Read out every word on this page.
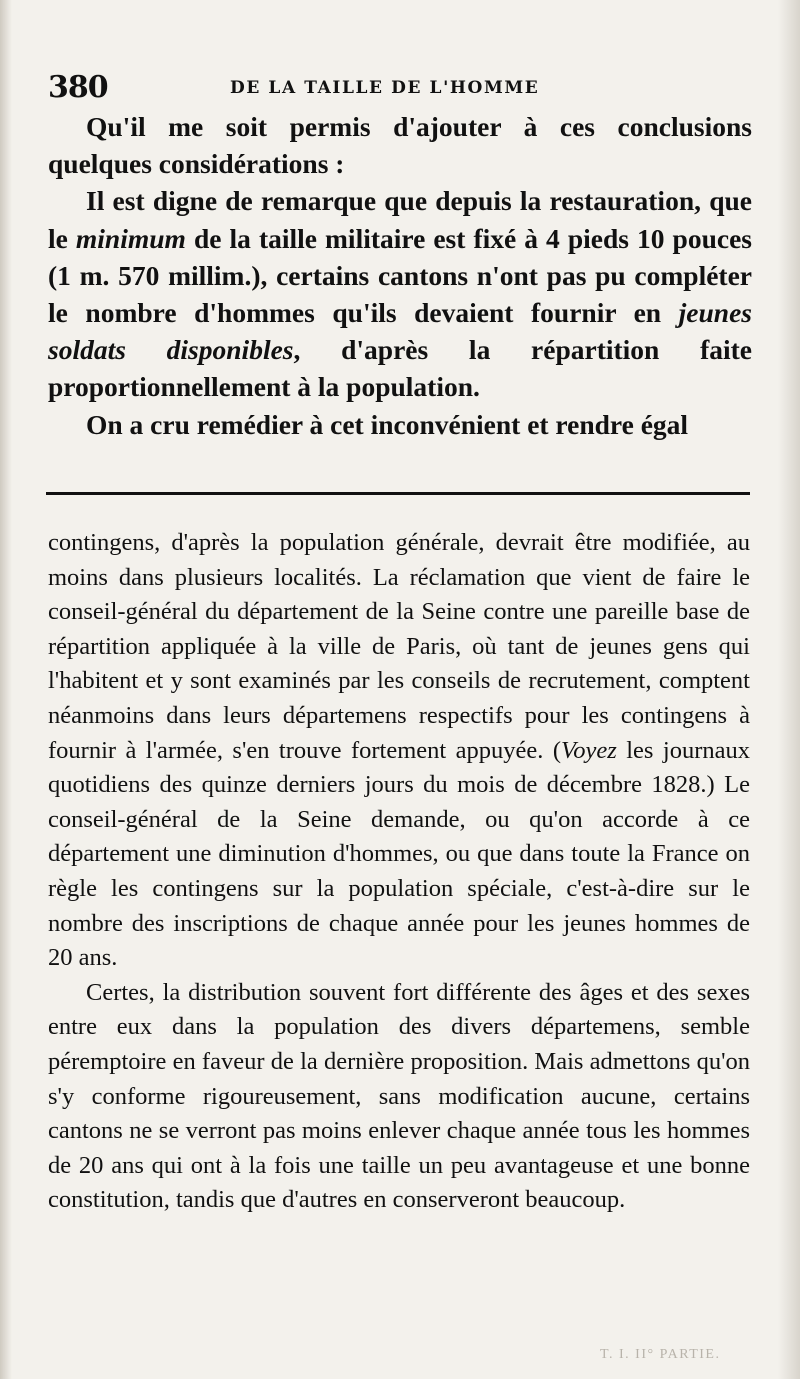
380	DE LA TAILLE DE L'HOMME

Qu'il me soit permis d'ajouter à ces conclusions quelques considérations :

Il est digne de remarque que depuis la restauration, que le minimum de la taille militaire est fixé à 4 pieds 10 pouces (1 m. 570 millim.), certains cantons n'ont pas pu compléter le nombre d'hommes qu'ils devaient fournir en jeunes soldats disponibles, d'après la répartition faite proportionnellement à la population.

On a cru remédier à cet inconvénient et rendre égal

contingens, d'après la population générale, devrait être modifiée, au moins dans plusieurs localités. La réclamation que vient de faire le conseil-général du département de la Seine contre une pareille base de répartition appliquée à la ville de Paris, où tant de jeunes gens qui l'habitent et y sont examinés par les conseils de recrutement, comptent néanmoins dans leurs départemens respectifs pour les contingens à fournir à l'armée, s'en trouve fortement appuyée. (Voyez les journaux quotidiens des quinze derniers jours du mois de décembre 1828.) Le conseil-général de la Seine demande, ou qu'on accorde à ce département une diminution d'hommes, ou que dans toute la France on règle les contingens sur la population spéciale, c'est-à-dire sur le nombre des inscriptions de chaque année pour les jeunes hommes de 20 ans.

Certes, la distribution souvent fort différente des âges et des sexes entre eux dans la population des divers départemens, semble péremptoire en faveur de la dernière proposition. Mais admettons qu'on s'y conforme rigoureusement, sans modification aucune, certains cantons ne se verront pas moins enlever chaque année tous les hommes de 20 ans qui ont à la fois une taille un peu avantageuse et une bonne constitution, tandis que d'autres en conserveront beaucoup.

T. I. II° PARTIE.
